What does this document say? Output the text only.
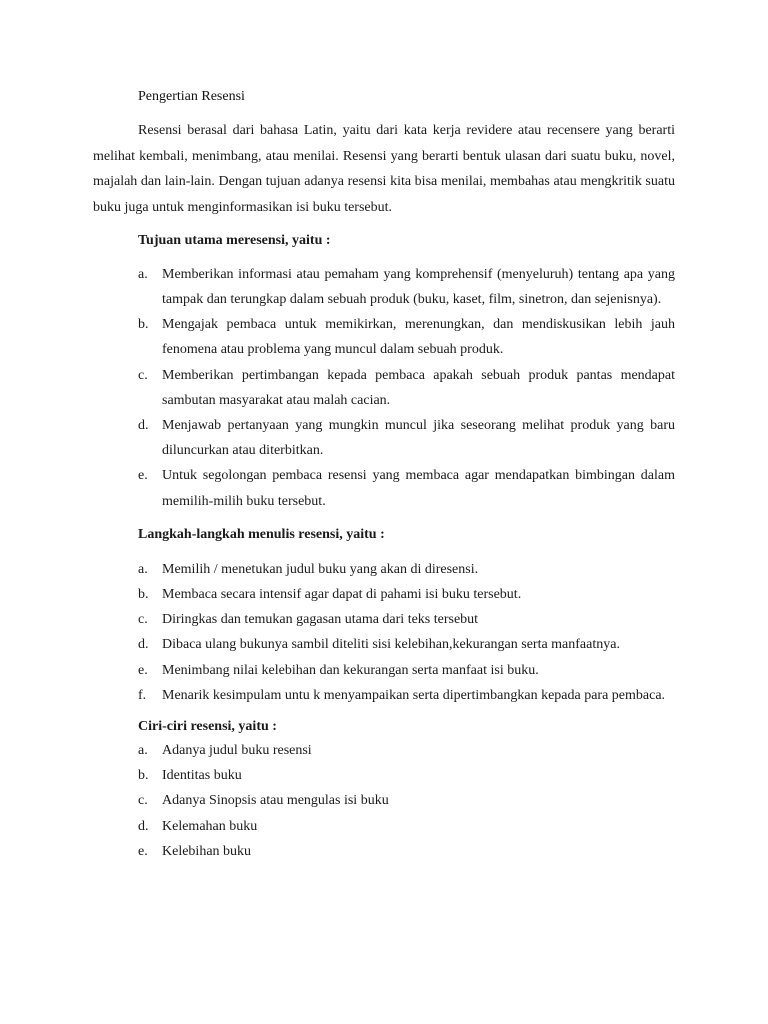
Pengertian Resensi

Resensi berasal dari bahasa Latin, yaitu dari kata kerja revidere atau recensere yang berarti melihat kembali, menimbang, atau menilai. Resensi yang berarti bentuk ulasan dari suatu buku, novel, majalah dan lain-lain. Dengan tujuan adanya resensi kita bisa menilai, membahas atau mengkritik suatu buku juga untuk menginformasikan isi buku tersebut.

Tujuan utama meresensi, yaitu :
a. Memberikan informasi atau pemaham yang komprehensif (menyeluruh) tentang apa yang tampak dan terungkap dalam sebuah produk (buku, kaset, film, sinetron, dan sejenisnya).
b. Mengajak pembaca untuk memikirkan, merenungkan, dan mendiskusikan lebih jauh fenomena atau problema yang muncul dalam sebuah produk.
c. Memberikan pertimbangan kepada pembaca apakah sebuah produk pantas mendapat sambutan masyarakat atau malah cacian.
d. Menjawab pertanyaan yang mungkin muncul jika seseorang melihat produk yang baru diluncurkan atau diterbitkan.
e. Untuk segolongan pembaca resensi yang membaca agar mendapatkan bimbingan dalam memilih-milih buku tersebut.
Langkah-langkah menulis resensi, yaitu :
a. Memilih / menetukan judul buku yang akan di diresensi.
b. Membaca secara intensif agar dapat di pahami isi buku tersebut.
c. Diringkas dan temukan gagasan utama dari teks tersebut
d. Dibaca ulang bukunya sambil diteliti sisi kelebihan,kekurangan serta manfaatnya.
e. Menimbang nilai kelebihan dan kekurangan serta manfaat isi buku.
f. Menarik kesimpulam untu k menyampaikan serta dipertimbangkan kepada para pembaca.
Ciri-ciri resensi, yaitu :
a. Adanya judul buku resensi
b. Identitas buku
c. Adanya Sinopsis atau mengulas isi buku
d. Kelemahan buku
e. Kelebihan buku
